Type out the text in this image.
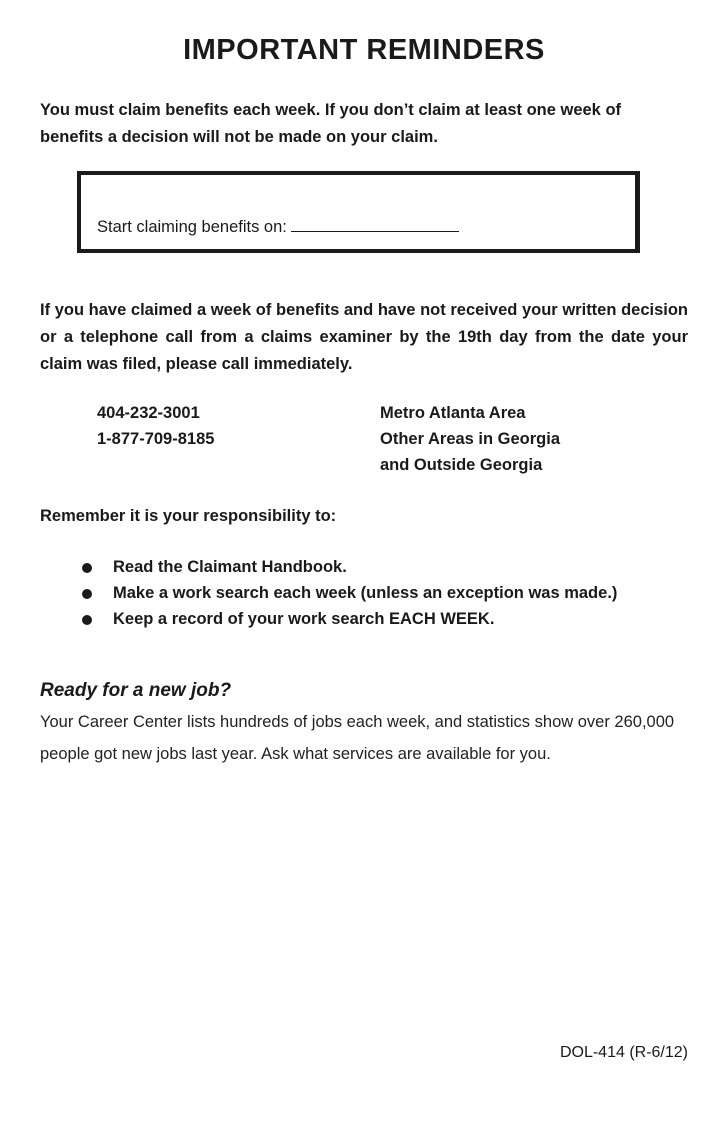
IMPORTANT REMINDERS

You must claim benefits each week. If you don’t claim at least one week of benefits a decision will not be made on your claim.

Start claiming benefits on:

If you have claimed a week of benefits and have not received your written decision or a telephone call from a claims examiner by the 19th day from the date your claim was filed, please call immediately.

404-232-3001	Metro Atlanta Area
1-877-709-8185	Other Areas in Georgia
and Outside Georgia

Remember it is your responsibility to:

Read the Claimant Handbook.
Make a work search each week (unless an exception was made.)
Keep a record of your work search EACH WEEK.
Ready for a new job?

Your Career Center lists hundreds of jobs each week, and statistics show over 260,000 people got new jobs last year. Ask what services are available for you.

DOL-414 (R-6/12)
